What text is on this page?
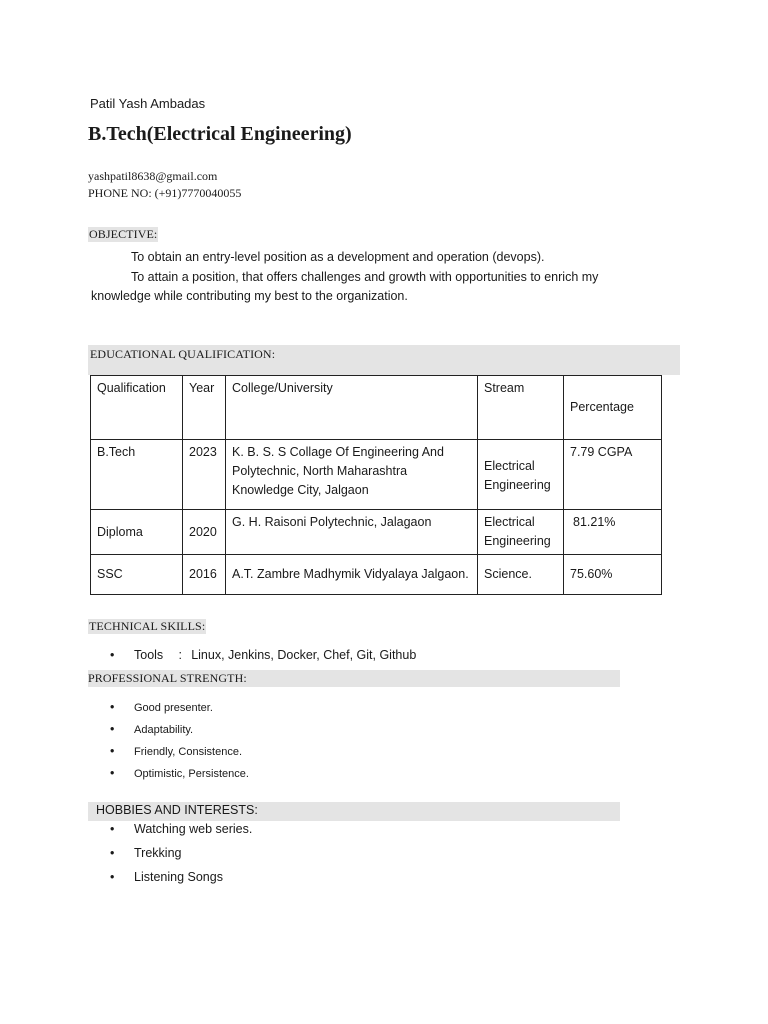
Patil Yash Ambadas
B.Tech(Electrical Engineering)
yashpatil8638@gmail.com
PHONE NO: (+91)7770040055
OBJECTIVE:
To obtain an entry-level position as a development and operation (devops).
To attain a position, that offers challenges and growth with opportunities to enrich my
knowledge while contributing my best to the organization.
EDUCATIONAL QUALIFICATION:
Qualification	Year	College/University	Stream	Percentage
B.Tech	2023	K. B. S. S Collage Of Engineering And Polytechnic, North Maharashtra Knowledge City, Jalgaon	Electrical Engineering	7.79 CGPA
Diploma	2020	G. H. Raisoni Polytechnic, Jalagaon	Electrical Engineering	81.21%
SSC	2016	A.T. Zambre Madhymik Vidyalaya Jalgaon.	Science.	75.60%
TECHNICAL SKILLS:
• Tools : Linux, Jenkins, Docker, Chef, Git, Github
PROFESSIONAL STRENGTH:
• Good presenter.
• Adaptability.
• Friendly, Consistence.
• Optimistic, Persistence.
HOBBIES AND INTERESTS:
• Watching web series.
• Trekking
• Listening Songs
